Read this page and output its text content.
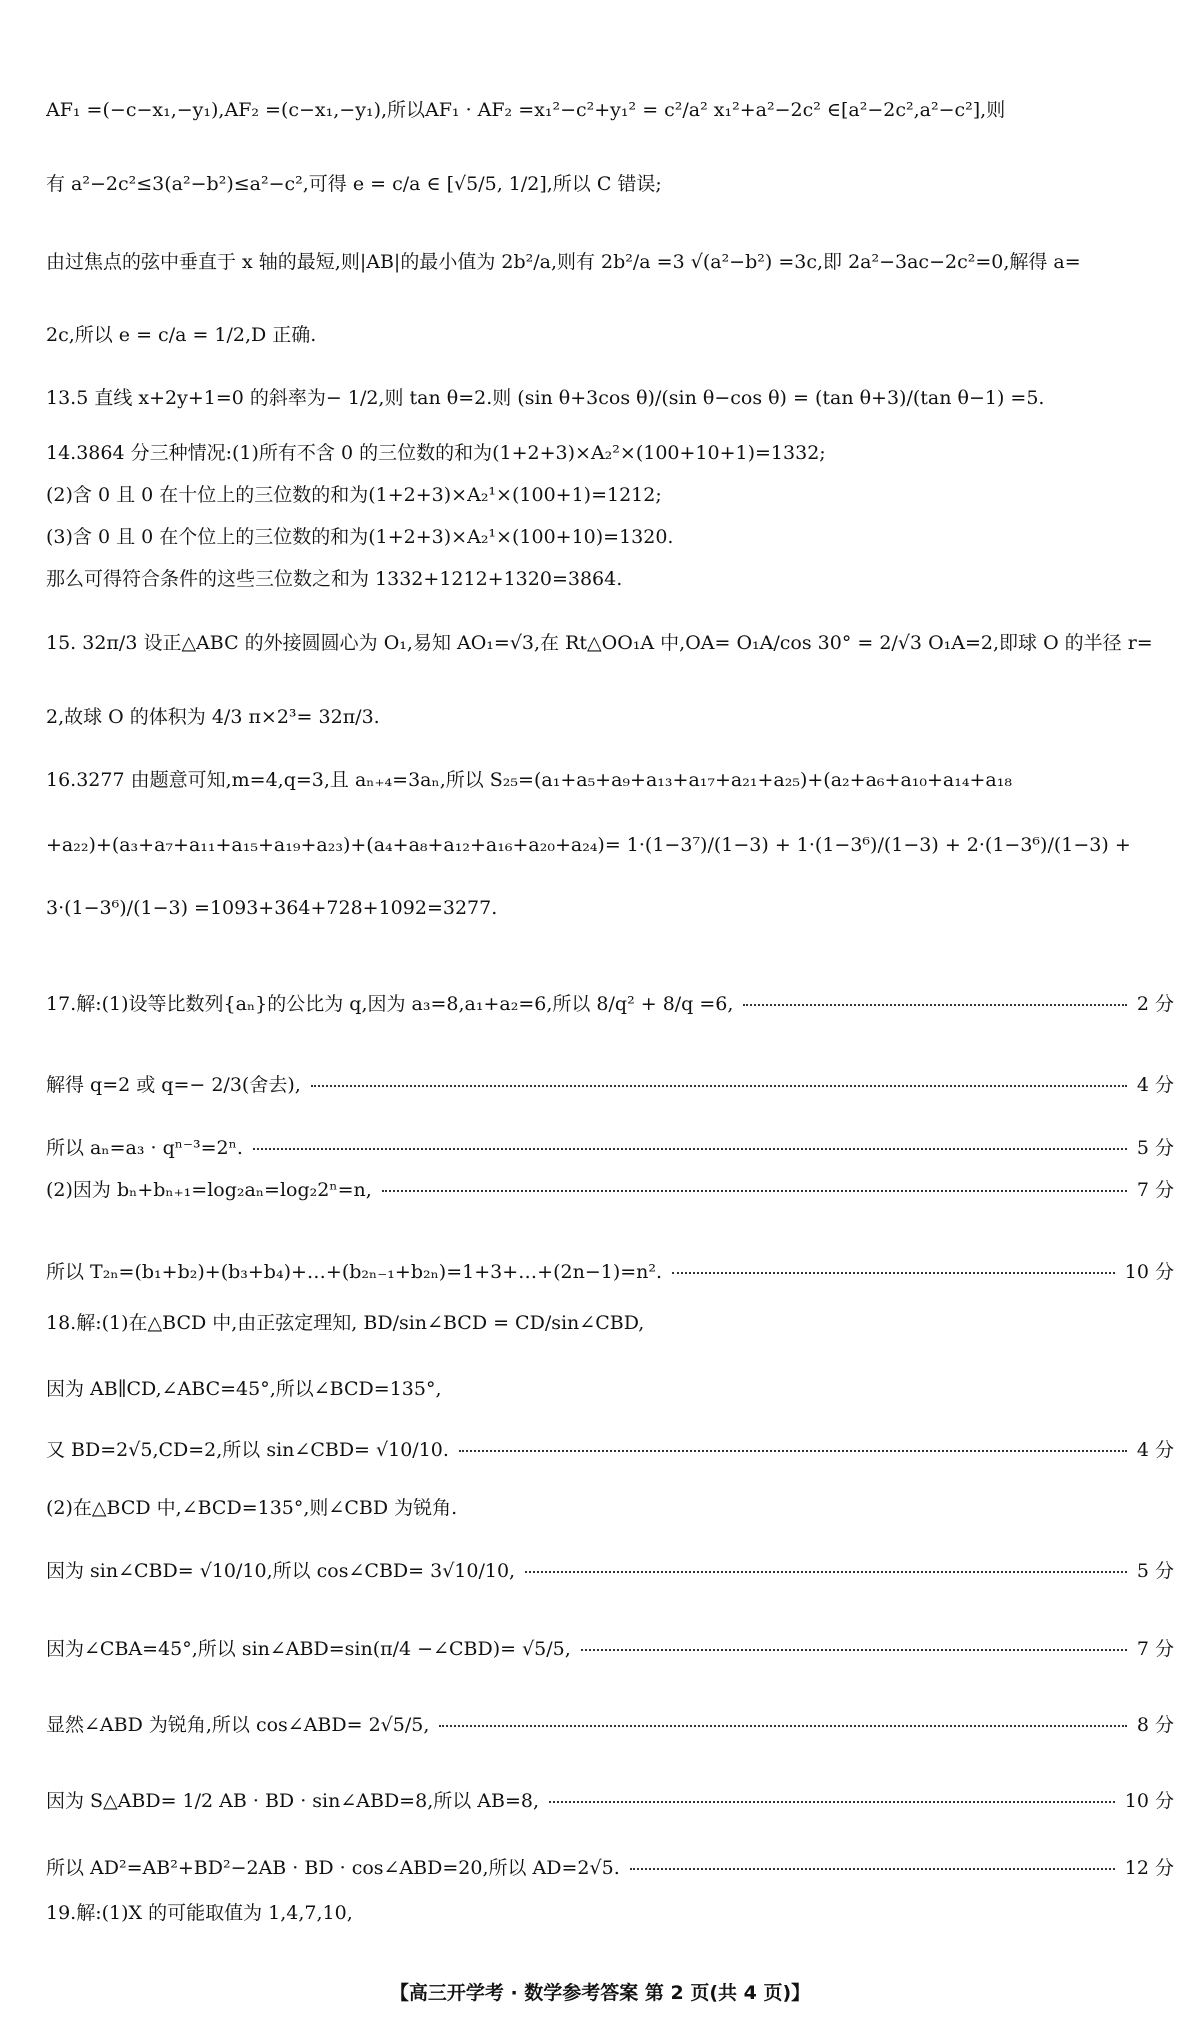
AF₁ =(−c−x₁,−y₁),AF₂ =(c−x₁,−y₁),所以AF₁ · AF₂ =x₁²−c²+y₁² = c²/a² x₁²+a²−2c² ∈[a²−2c²,a²−c²],则
有 a²−2c²≤3(a²−b²)≤a²−c²,可得 e = c/a ∈ [√5/5, 1/2],所以 C 错误;
由过焦点的弦中垂直于 x 轴的最短,则|AB|的最小值为 2b²/a,则有 2b²/a =3 √(a²−b²) =3c,即 2a²−3ac−2c²=0,解得 a=
2c,所以 e = c/a = 1/2,D 正确.
13.5 直线 x+2y+1=0 的斜率为− 1/2,则 tan θ=2.则 (sin θ+3cos θ)/(sin θ−cos θ) = (tan θ+3)/(tan θ−1) =5.
14.3864 分三种情况:(1)所有不含 0 的三位数的和为(1+2+3)×A₂²×(100+10+1)=1332;
(2)含 0 且 0 在十位上的三位数的和为(1+2+3)×A₂¹×(100+1)=1212;
(3)含 0 且 0 在个位上的三位数的和为(1+2+3)×A₂¹×(100+10)=1320.
那么可得符合条件的这些三位数之和为 1332+1212+1320=3864.
15. 32π/3 设正△ABC 的外接圆圆心为 O₁,易知 AO₁=√3,在 Rt△OO₁A 中,OA= O₁A/cos 30° = 2/√3 O₁A=2,即球 O 的半径 r=
2,故球 O 的体积为 4/3 π×2³= 32π/3.
16.3277 由题意可知,m=4,q=3,且 aₙ₊₄=3aₙ,所以 S₂₅=(a₁+a₅+a₉+a₁₃+a₁₇+a₂₁+a₂₅)+(a₂+a₆+a₁₀+a₁₄+a₁₈
+a₂₂)+(a₃+a₇+a₁₁+a₁₅+a₁₉+a₂₃)+(a₄+a₈+a₁₂+a₁₆+a₂₀+a₂₄)= 1·(1−3⁷)/(1−3) + 1·(1−3⁶)/(1−3) + 2·(1−3⁶)/(1−3) +
3·(1−3⁶)/(1−3) =1093+364+728+1092=3277.
17.解:(1)设等比数列{aₙ}的公比为 q,因为 a₃=8,a₁+a₂=6,所以 8/q² + 8/q =6,	2 分
解得 q=2 或 q=− 2/3(舍去),	4 分
所以 aₙ=a₃ · qⁿ⁻³=2ⁿ.	5 分
(2)因为 bₙ+bₙ₊₁=log₂aₙ=log₂2ⁿ=n,	7 分
所以 T₂ₙ=(b₁+b₂)+(b₃+b₄)+…+(b₂ₙ₋₁+b₂ₙ)=1+3+…+(2n−1)=n².	10 分
18.解:(1)在△BCD 中,由正弦定理知, BD/sin∠BCD = CD/sin∠CBD,
因为 AB∥CD,∠ABC=45°,所以∠BCD=135°,
又 BD=2√5,CD=2,所以 sin∠CBD= √10/10.	4 分
(2)在△BCD 中,∠BCD=135°,则∠CBD 为锐角.
因为 sin∠CBD= √10/10,所以 cos∠CBD= 3√10/10,	5 分
因为∠CBA=45°,所以 sin∠ABD=sin(π/4 −∠CBD)= √5/5,	7 分
显然∠ABD 为锐角,所以 cos∠ABD= 2√5/5,	8 分
因为 S△ABD= 1/2 AB · BD · sin∠ABD=8,所以 AB=8,	10 分
所以 AD²=AB²+BD²−2AB · BD · cos∠ABD=20,所以 AD=2√5.	12 分
19.解:(1)X 的可能取值为 1,4,7,10,
【高三开学考 · 数学参考答案 第 2 页(共 4 页)】
